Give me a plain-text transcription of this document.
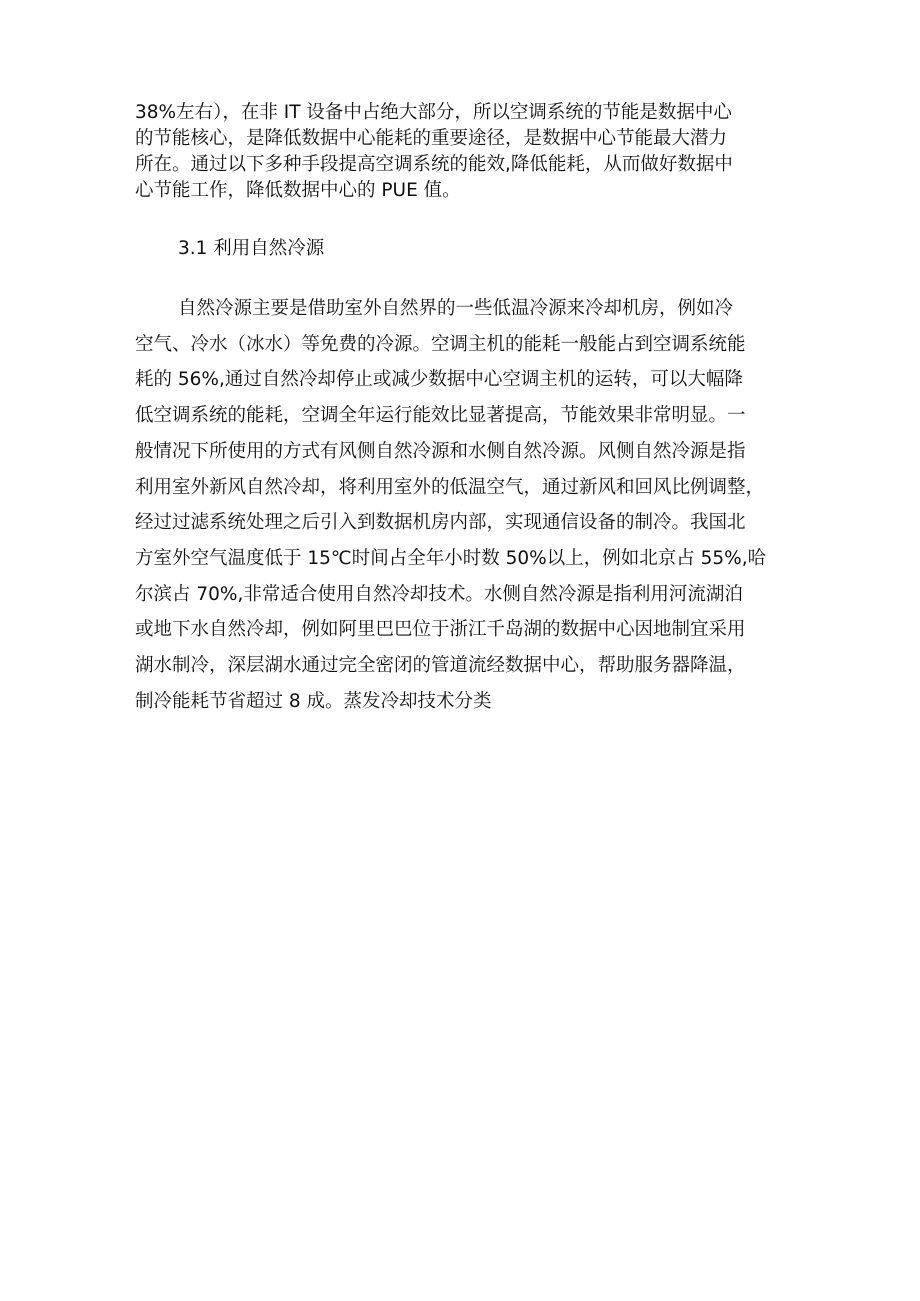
38%左右），在非 IT 设备中占绝大部分，所以空调系统的节能是数据中心
的节能核心，是降低数据中心能耗的重要途径，是数据中心节能最大潜力
所在。通过以下多种手段提高空调系统的能效,降低能耗，从而做好数据中
心节能工作，降低数据中心的 PUE 值。
3.1 利用自然冷源
自然冷源主要是借助室外自然界的一些低温冷源来冷却机房，例如冷
空气、冷水（冰水）等免费的冷源。空调主机的能耗一般能占到空调系统能
耗的 56%,通过自然冷却停止或减少数据中心空调主机的运转，可以大幅降
低空调系统的能耗，空调全年运行能效比显著提高，节能效果非常明显。一
般情况下所使用的方式有风侧自然冷源和水侧自然冷源。风侧自然冷源是指
利用室外新风自然冷却，将利用室外的低温空气，通过新风和回风比例调整，
经过过滤系统处理之后引入到数据机房内部，实现通信设备的制冷。我国北
方室外空气温度低于 15℃时间占全年小时数 50%以上，例如北京占 55%,哈
尔滨占 70%,非常适合使用自然冷却技术。水侧自然冷源是指利用河流湖泊
或地下水自然冷却，例如阿里巴巴位于浙江千岛湖的数据中心因地制宜采用
湖水制冷，深层湖水通过完全密闭的管道流经数据中心，帮助服务器降温，
制冷能耗节省超过 8 成。蒸发冷却技术分类
